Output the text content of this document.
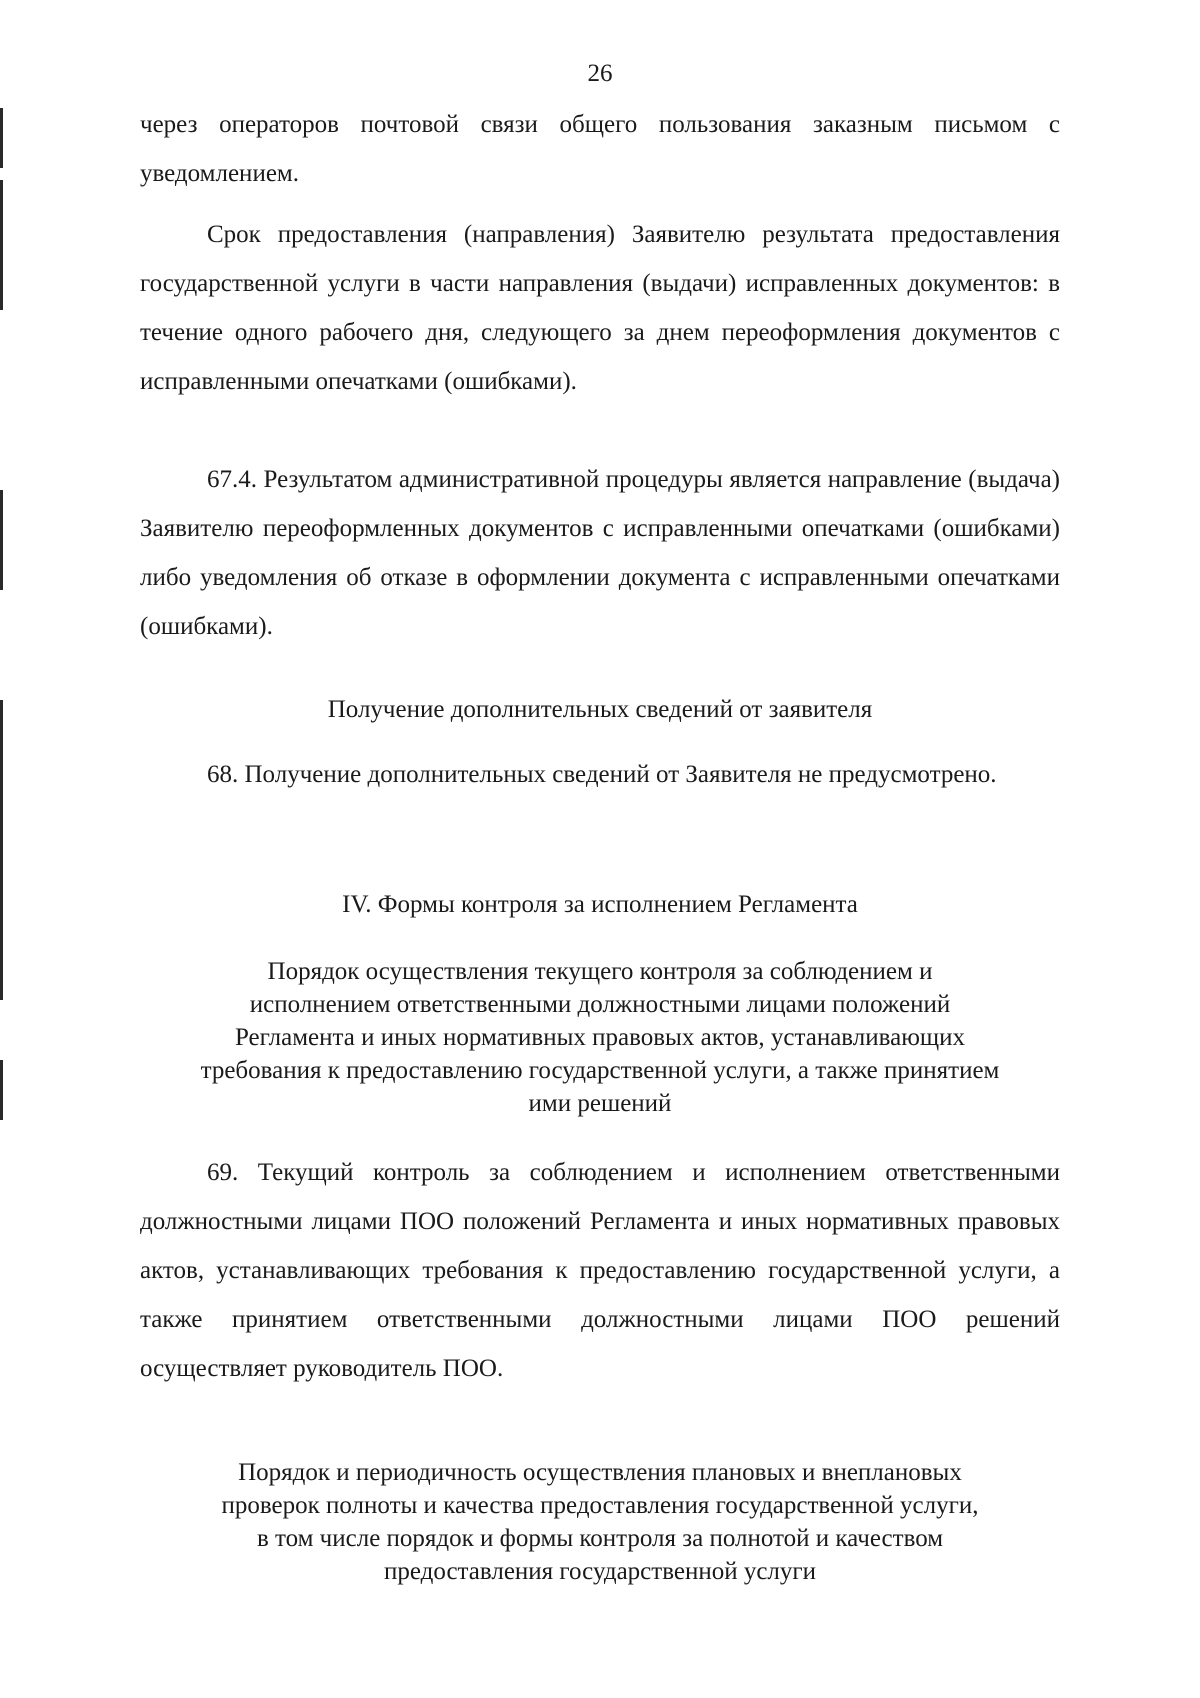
26

через операторов почтовой связи общего пользования заказным письмом с уведомлением.

Срок предоставления (направления) Заявителю результата предоставления государственной услуги в части направления (выдачи) исправленных документов: в течение одного рабочего дня, следующего за днем переоформления документов с исправленными опечатками (ошибками).

67.4. Результатом административной процедуры является направление (выдача) Заявителю переоформленных документов с исправленными опечатками (ошибками) либо уведомления об отказе в оформлении документа с исправленными опечатками (ошибками).

Получение дополнительных сведений от заявителя

68. Получение дополнительных сведений от Заявителя не предусмотрено.

IV. Формы контроля за исполнением Регламента
Порядок осуществления текущего контроля за соблюдением и
исполнением ответственными должностными лицами положений
Регламента и иных нормативных правовых актов, устанавливающих
требования к предоставлению государственной услуги, а также принятием
ими решений

69. Текущий контроль за соблюдением и исполнением ответственными должностными лицами ПОО положений Регламента и иных нормативных правовых актов, устанавливающих требования к предоставлению государственной услуги, а также принятием ответственными должностными лицами ПОО решений осуществляет руководитель ПОО.

Порядок и периодичность осуществления плановых и внеплановых
проверок полноты и качества предоставления государственной услуги,
в том числе порядок и формы контроля за полнотой и качеством
предоставления государственной услуги
